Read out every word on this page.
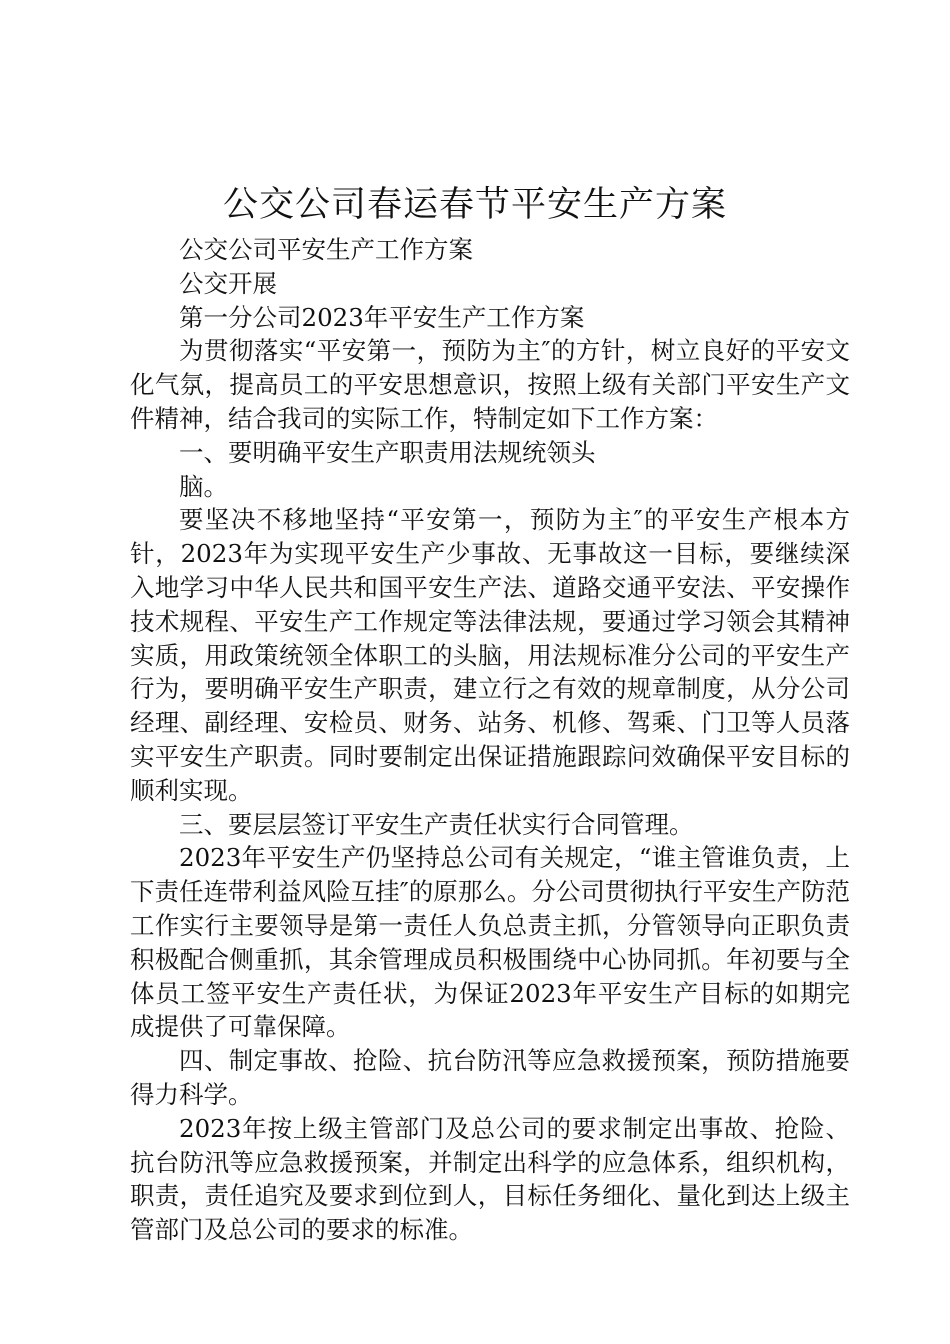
公交公司春运春节平安生产方案

公交公司平安生产工作方案

公交开展

第一分公司2023年平安生产工作方案

为贯彻落实“平安第一，预防为主″的方针，树立良好的平安文化气氛，提高员工的平安思想意识，按照上级有关部门平安生产文件精神，结合我司的实际工作，特制定如下工作方案：

一、要明确平安生产职责用法规统领头

脑。

要坚决不移地坚持“平安第一，预防为主″的平安生产根本方针，2023年为实现平安生产少事故、无事故这一目标，要继续深入地学习中华人民共和国平安生产法、道路交通平安法、平安操作技术规程、平安生产工作规定等法律法规，要通过学习领会其精神实质，用政策统领全体职工的头脑，用法规标准分公司的平安生产行为，要明确平安生产职责，建立行之有效的规章制度，从分公司经理、副经理、安检员、财务、站务、机修、驾乘、门卫等人员落实平安生产职责。同时要制定出保证措施跟踪问效确保平安目标的顺利实现。

三、要层层签订平安生产责任状实行合同管理。

2023年平安生产仍坚持总公司有关规定，“谁主管谁负责，上下责任连带利益风险互挂″的原那么。分公司贯彻执行平安生产防范工作实行主要领导是第一责任人负总责主抓，分管领导向正职负责积极配合侧重抓，其余管理成员积极围绕中心协同抓。年初要与全体员工签平安生产责任状，为保证2023年平安生产目标的如期完成提供了可靠保障。

四、制定事故、抢险、抗台防汛等应急救援预案，预防措施要得力科学。

2023年按上级主管部门及总公司的要求制定出事故、抢险、抗台防汛等应急救援预案，并制定出科学的应急体系，组织机构，职责，责任追究及要求到位到人，目标任务细化、量化到达上级主管部门及总公司的要求的标准。
